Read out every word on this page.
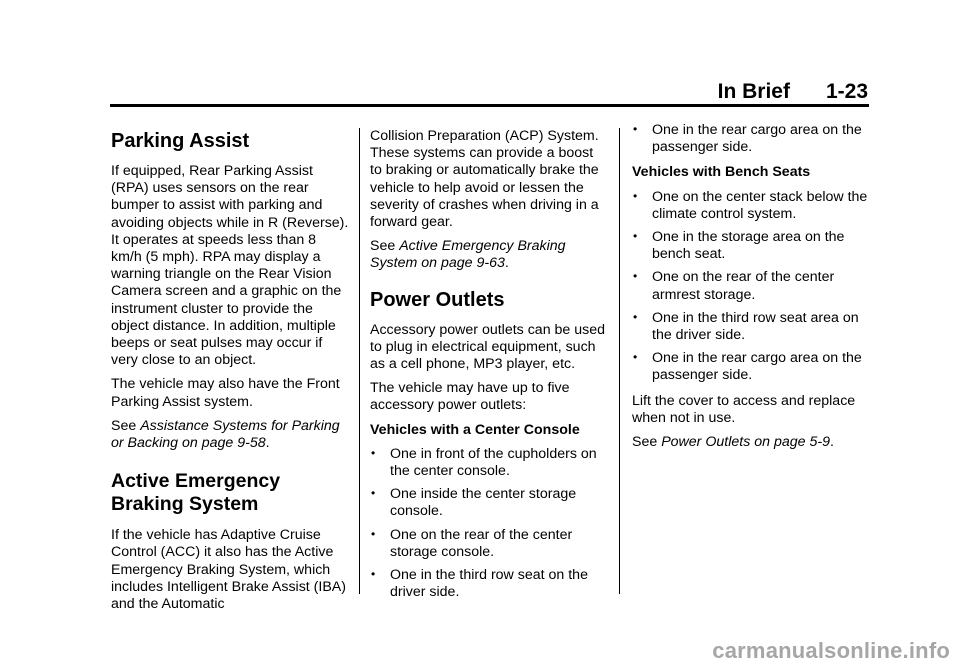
In Brief 1-23
Parking Assist

If equipped, Rear Parking Assist (RPA) uses sensors on the rear bumper to assist with parking and avoiding objects while in R (Reverse). It operates at speeds less than 8 km/h (5 mph). RPA may display a warning triangle on the Rear Vision Camera screen and a graphic on the instrument cluster to provide the object distance. In addition, multiple beeps or seat pulses may occur if very close to an object.

The vehicle may also have the Front Parking Assist system.

See Assistance Systems for Parking or Backing on page 9-58.

Active Emergency Braking System

If the vehicle has Adaptive Cruise Control (ACC) it also has the Active Emergency Braking System, which includes Intelligent Brake Assist (IBA) and the Automatic

Collision Preparation (ACP) System. These systems can provide a boost to braking or automatically brake the vehicle to help avoid or lessen the severity of crashes when driving in a forward gear.

See Active Emergency Braking System on page 9-63.

Power Outlets

Accessory power outlets can be used to plug in electrical equipment, such as a cell phone, MP3 player, etc.

The vehicle may have up to five accessory power outlets:

Vehicles with a Center Console

• One in front of the cupholders on the center console.
• One inside the center storage console.
• One on the rear of the center storage console.
• One in the third row seat on the driver side.
• One in the rear cargo area on the passenger side.

Vehicles with Bench Seats

• One on the center stack below the climate control system.
• One in the storage area on the bench seat.
• One on the rear of the center armrest storage.
• One in the third row seat area on the driver side.
• One in the rear cargo area on the passenger side.

Lift the cover to access and replace when not in use.

See Power Outlets on page 5-9.

carmanualsonline.info
